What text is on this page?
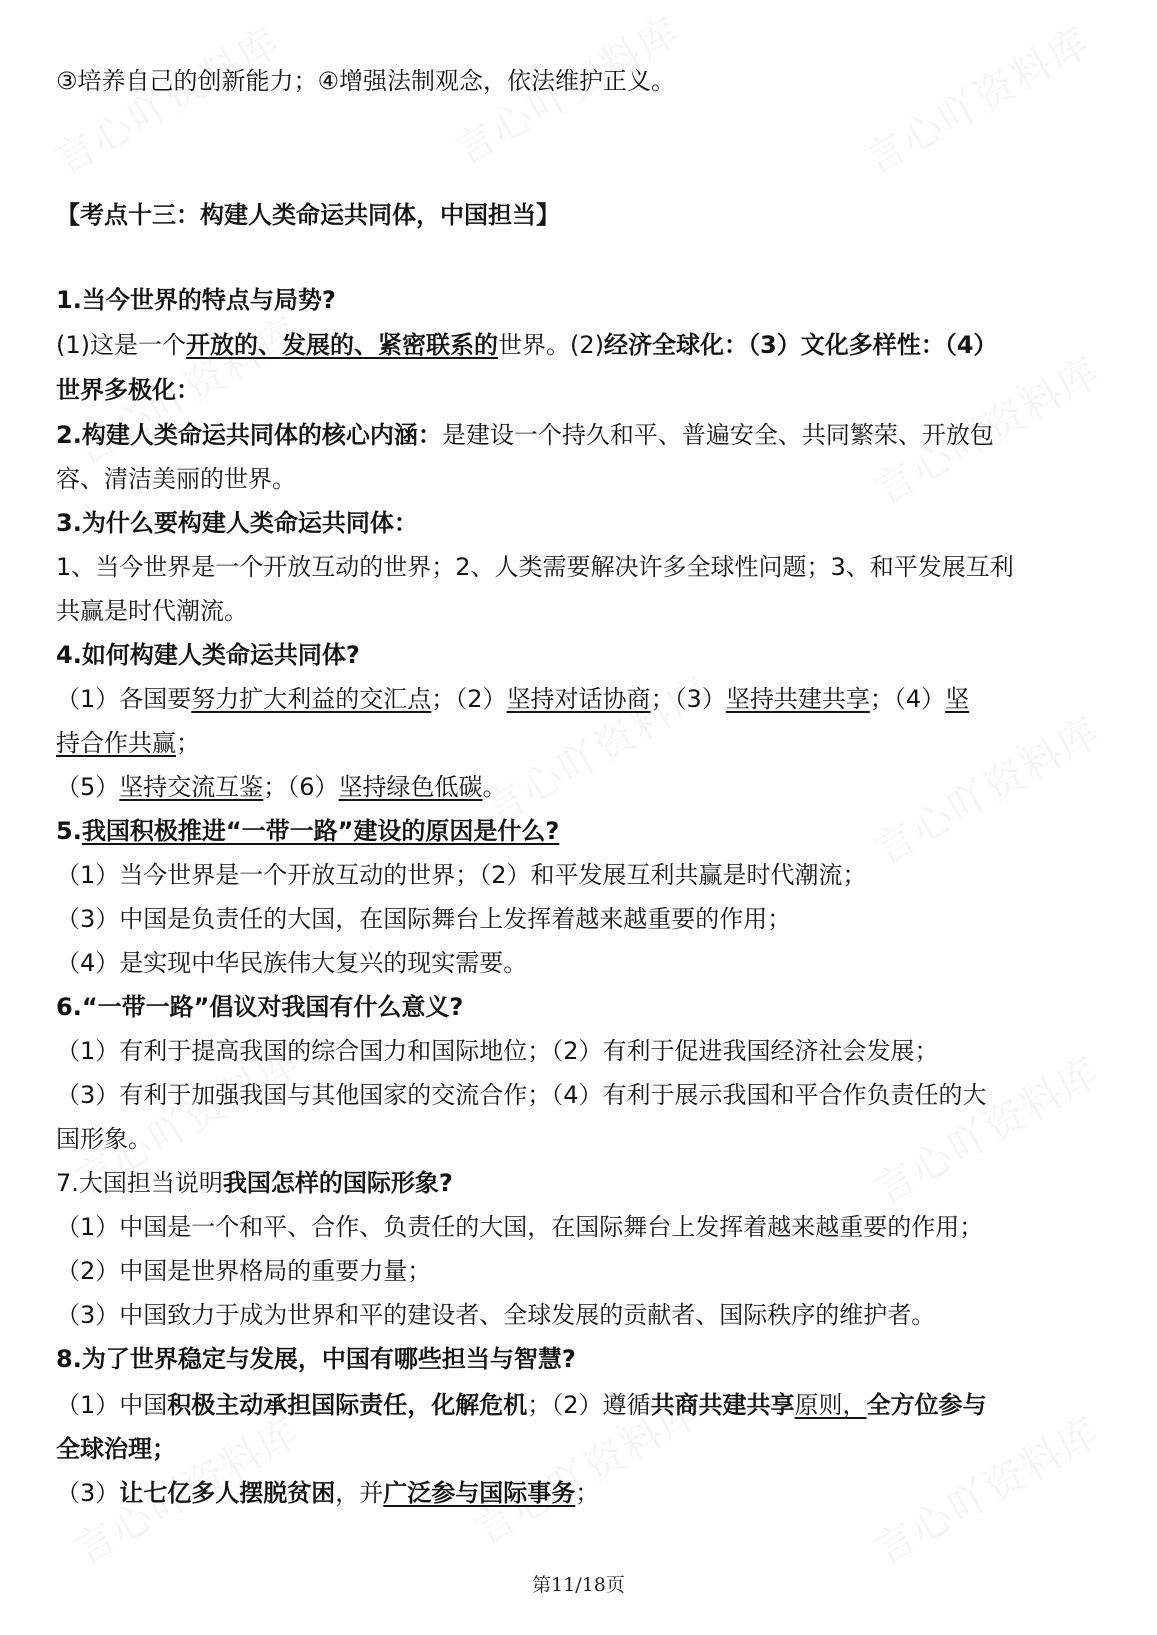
③培养自己的创新能力；④增强法制观念，依法维护正义。
【考点十三：构建人类命运共同体，中国担当】
1.当今世界的特点与局势?
(1)这是一个开放的、发展的、紧密联系的世界。(2)经济全球化：（3）文化多样性：（4）
世界多极化：
2.构建人类命运共同体的核心内涵：是建设一个持久和平、普遍安全、共同繁荣、开放包
容、清洁美丽的世界。
3.为什么要构建人类命运共同体：
1、当今世界是一个开放互动的世界；2、人类需要解决许多全球性问题；3、和平发展互利
共赢是时代潮流。
4.如何构建人类命运共同体?
（1）各国要努力扩大利益的交汇点；（2）坚持对话协商；（3）坚持共建共享；（4）坚
持合作共赢；
（5）坚持交流互鉴；（6）坚持绿色低碳。
5.我国积极推进“一带一路”建设的原因是什么?
（1）当今世界是一个开放互动的世界；（2）和平发展互利共赢是时代潮流；
（3）中国是负责任的大国，在国际舞台上发挥着越来越重要的作用；
（4）是实现中华民族伟大复兴的现实需要。
6.“一带一路”倡议对我国有什么意义?
（1）有利于提高我国的综合国力和国际地位；（2）有利于促进我国经济社会发展；
（3）有利于加强我国与其他国家的交流合作；（4）有利于展示我国和平合作负责任的大
国形象。
7.大国担当说明我国怎样的国际形象?
（1）中国是一个和平、合作、负责任的大国，在国际舞台上发挥着越来越重要的作用；
（2）中国是世界格局的重要力量；
（3）中国致力于成为世界和平的建设者、全球发展的贡献者、国际秩序的维护者。
8.为了世界稳定与发展，中国有哪些担当与智慧?
（1）中国积极主动承担国际责任，化解危机；（2）遵循共商共建共享原则，全方位参与
全球治理；
（3）让七亿多人摆脱贫困，并广泛参与国际事务；
第11/18页
